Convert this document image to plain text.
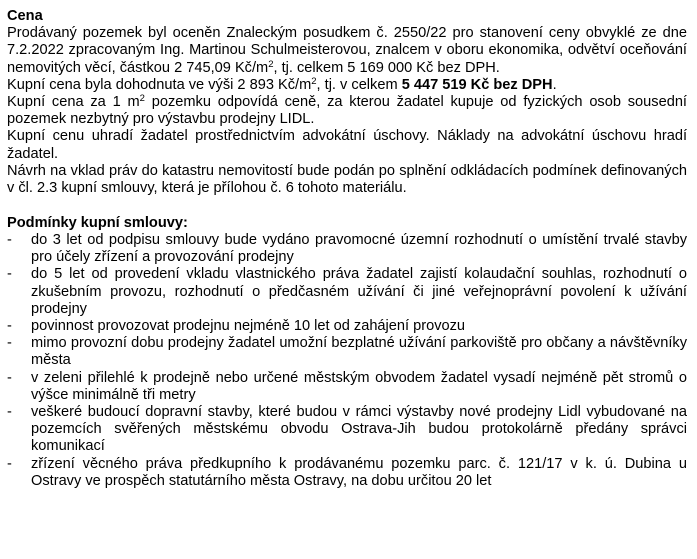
Cena

Prodávaný pozemek byl oceněn Znaleckým posudkem č. 2550/22 pro stanovení ceny obvyklé ze dne 7.2.2022 zpracovaným Ing. Martinou Schulmeisterovou, znalcem v oboru ekonomika, odvětví oceňování nemovitých věcí, částkou 2 745,09 $Kč/m^2$, tj. celkem 5 169 000 Kč bez DPH.

Kupní cena byla dohodnuta ve výši 2 893 $Kč/m^2$, tj. v celkem 5 447 519 Kč bez DPH.

Kupní cena za 1 $m^2$ pozemku odpovídá ceně, za kterou žadatel kupuje od fyzických osob sousední pozemek nezbytný pro výstavbu prodejny LIDL.

Kupní cenu uhradí žadatel prostřednictvím advokátní úschovy. Náklady na advokátní úschovu hradí žadatel.

Návrh na vklad práv do katastru nemovitostí bude podán po splnění odkládacích podmínek definovaných v čl. 2.3 kupní smlouvy, která je přílohou č. 6 tohoto materiálu.

Podmínky kupní smlouvy:
- do 3 let od podpisu smlouvy bude vydáno pravomocné územní rozhodnutí o umístění trvalé stavby pro účely zřízení a provozování prodejny
- do 5 let od provedení vkladu vlastnického práva žadatel zajistí kolaudační souhlas, rozhodnutí o zkušebním provozu, rozhodnutí o předčasném užívání či jiné veřejnoprávní povolení k užívání prodejny
- povinnost provozovat prodejnu nejméně 10 let od zahájení provozu
- mimo provozní dobu prodejny žadatel umožní bezplatné užívání parkoviště pro občany a návštěvníky města
- v zeleni přilehlé k prodejně nebo určené městským obvodem žadatel vysadí nejméně pět stromů o výšce minimálně tři metry
- veškeré budoucí dopravní stavby, které budou v rámci výstavby nové prodejny Lidl vybudované na pozemcích svěřených městskému obvodu Ostrava-Jih budou protokolárně předány správci komunikací
- zřízení věcného práva předkupního k prodávanému pozemku parc. č. 121/17 v k. ú. Dubina u Ostravy ve prospěch statutárního města Ostravy, na dobu určitou 20 let
